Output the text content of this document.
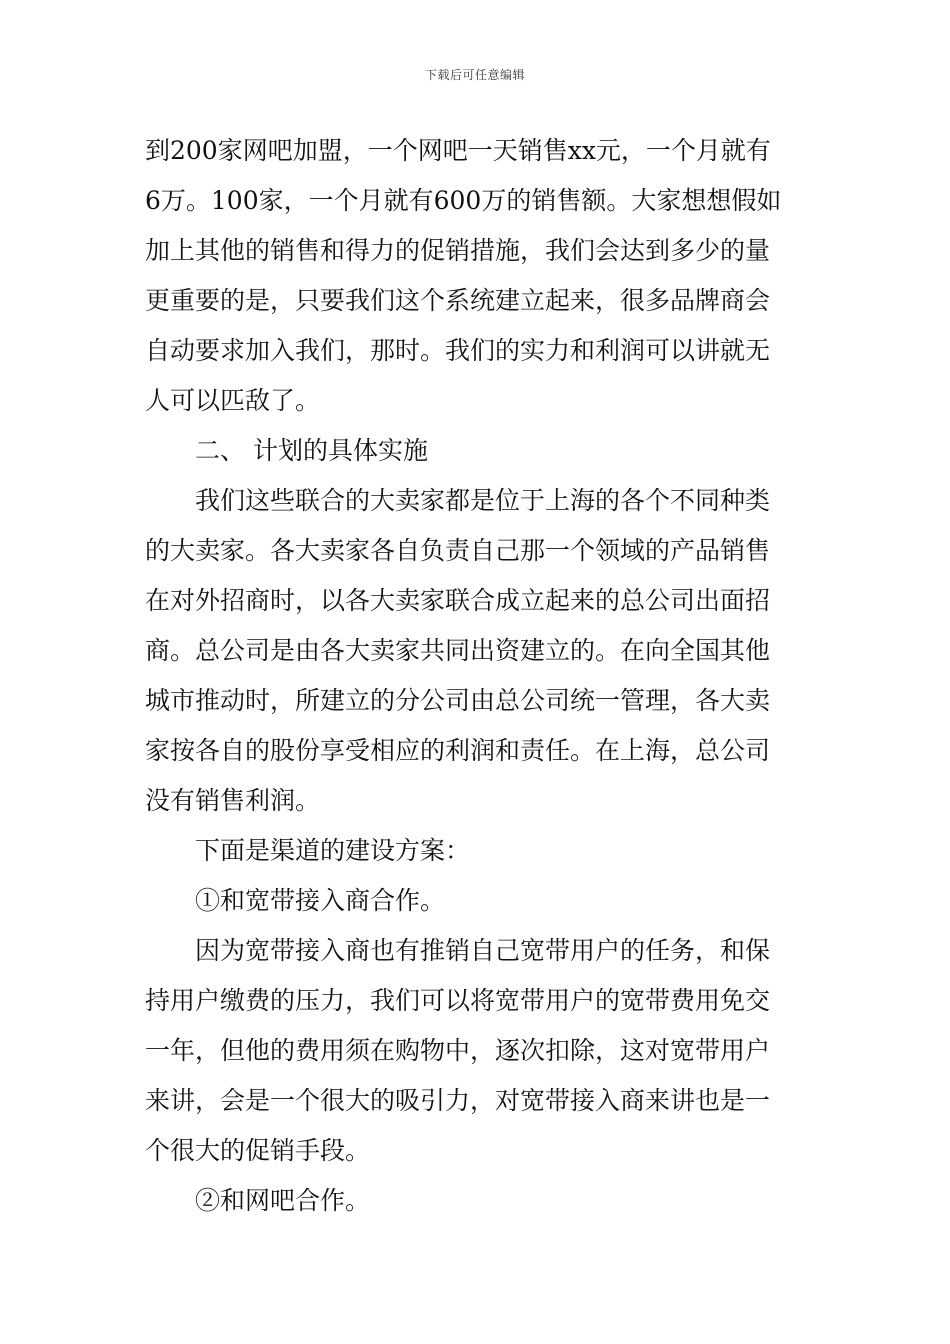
下载后可任意编辑
到200家网吧加盟，一个网吧一天销售xx元，一个月就有
6万。100家，一个月就有600万的销售额。大家想想假如
加上其他的销售和得力的促销措施，我们会达到多少的量
更重要的是，只要我们这个系统建立起来，很多品牌商会
自动要求加入我们，那时。我们的实力和利润可以讲就无
人可以匹敌了。
二、 计划的具体实施
我们这些联合的大卖家都是位于上海的各个不同种类
的大卖家。各大卖家各自负责自己那一个领域的产品销售
在对外招商时，以各大卖家联合成立起来的总公司出面招
商。总公司是由各大卖家共同出资建立的。在向全国其他
城市推动时，所建立的分公司由总公司统一管理，各大卖
家按各自的股份享受相应的利润和责任。在上海，总公司
没有销售利润。
下面是渠道的建设方案：
①和宽带接入商合作。
因为宽带接入商也有推销自己宽带用户的任务，和保
持用户缴费的压力，我们可以将宽带用户的宽带费用免交
一年，但他的费用须在购物中，逐次扣除，这对宽带用户
来讲，会是一个很大的吸引力，对宽带接入商来讲也是一
个很大的促销手段。
②和网吧合作。
